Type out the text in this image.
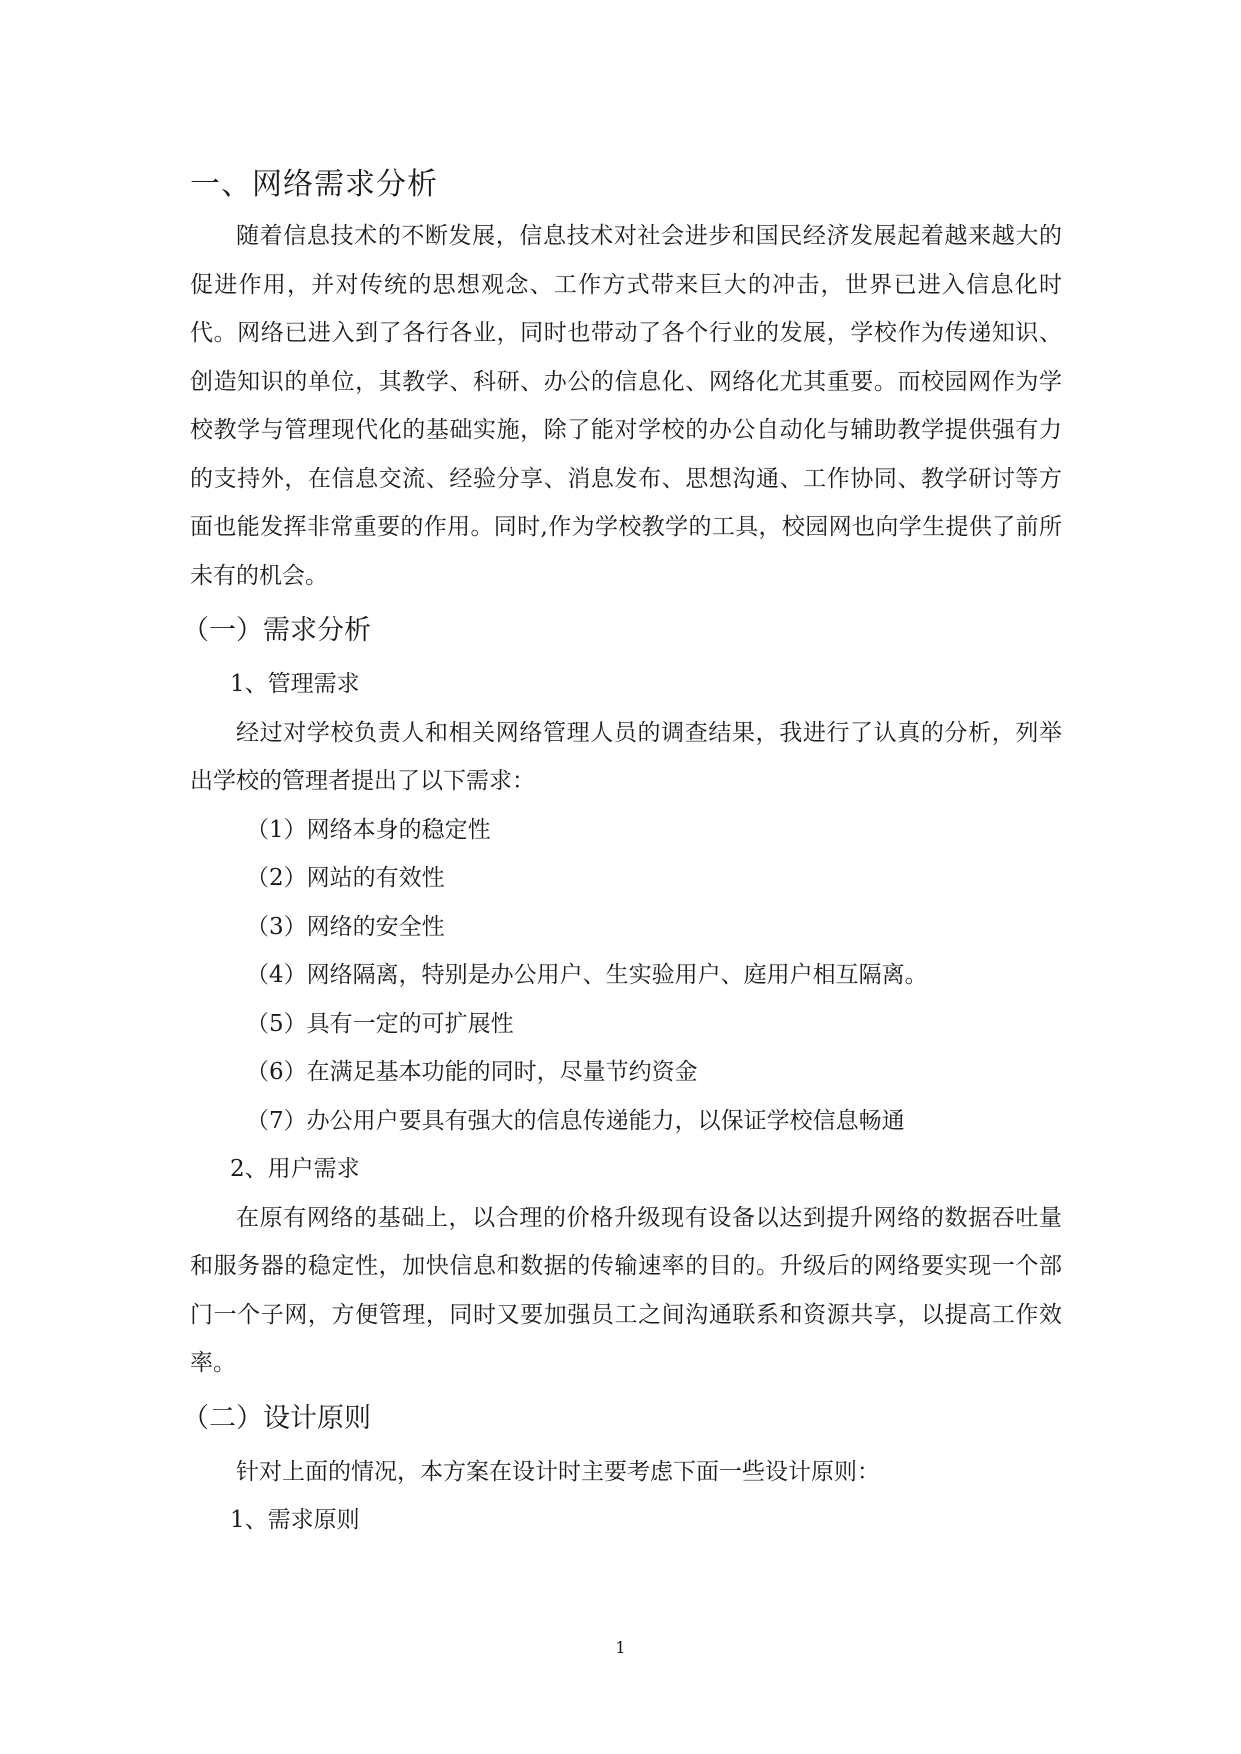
一、网络需求分析

随着信息技术的不断发展，信息技术对社会进步和国民经济发展起着越来越大的促进作用，并对传统的思想观念、工作方式带来巨大的冲击，世界已进入信息化时代。网络已进入到了各行各业，同时也带动了各个行业的发展，学校作为传递知识、创造知识的单位，其教学、科研、办公的信息化、网络化尤其重要。而校园网作为学校教学与管理现代化的基础实施，除了能对学校的办公自动化与辅助教学提供强有力的支持外，在信息交流、经验分享、消息发布、思想沟通、工作协同、教学研讨等方面也能发挥非常重要的作用。同时,作为学校教学的工具，校园网也向学生提供了前所未有的机会。

（一）需求分析

1、管理需求

经过对学校负责人和相关网络管理人员的调查结果，我进行了认真的分析，列举出学校的管理者提出了以下需求：

（1）网络本身的稳定性

（2）网站的有效性

（3）网络的安全性

（4）网络隔离，特别是办公用户、生实验用户、庭用户相互隔离。

（5）具有一定的可扩展性

（6）在满足基本功能的同时，尽量节约资金

（7）办公用户要具有强大的信息传递能力，以保证学校信息畅通

2、用户需求

在原有网络的基础上，以合理的价格升级现有设备以达到提升网络的数据吞吐量和服务器的稳定性，加快信息和数据的传输速率的目的。升级后的网络要实现一个部门一个子网，方便管理，同时又要加强员工之间沟通联系和资源共享，以提高工作效率。

（二）设计原则

针对上面的情况，本方案在设计时主要考虑下面一些设计原则：

1、需求原则

1
